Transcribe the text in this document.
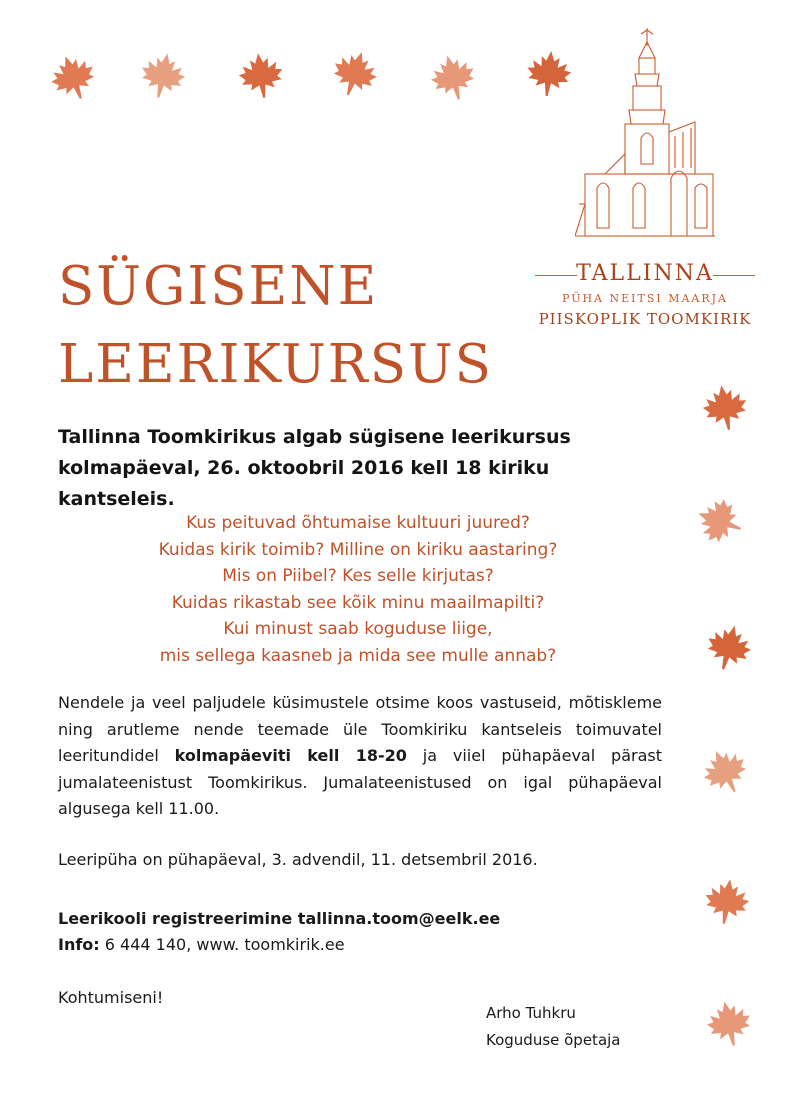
TALLINNA
PÜHA NEITSI MAARJA
PIISKOPLIK TOOMKIRIK
SÜGISENE
LEERIKURSUS
Tallinna Toomkirikus algab sügisene leerikursus
kolmapäeval, 26. oktoobril 2016 kell 18 kiriku kantseleis.
Kus peituvad õhtumaise kultuuri juured?
Kuidas kirik toimib? Milline on kiriku aastaring?
Mis on Piibel? Kes selle kirjutas?
Kuidas rikastab see kõik minu maailmapilti?
Kui minust saab koguduse liige,
mis sellega kaasneb ja mida see mulle annab?
Nendele ja veel paljudele küsimustele otsime koos vastuseid, mõtiskleme ning arutleme nende teemade üle Toomkiriku kantseleis toimuvatel leeritundidel kolmapäeviti kell 18-20 ja viiel pühapäeval pärast jumalateenistust Toomkirikus. Jumalateenistused on igal pühapäeval algusega kell 11.00.
Leeripüha on pühapäeval, 3. advendil, 11. detsembril 2016.
Leerikooli registreerimine tallinna.toom@eelk.ee
Info: 6 444 140, www. toomkirik.ee
Kohtumiseni!
Arho Tuhkru
Koguduse õpetaja
